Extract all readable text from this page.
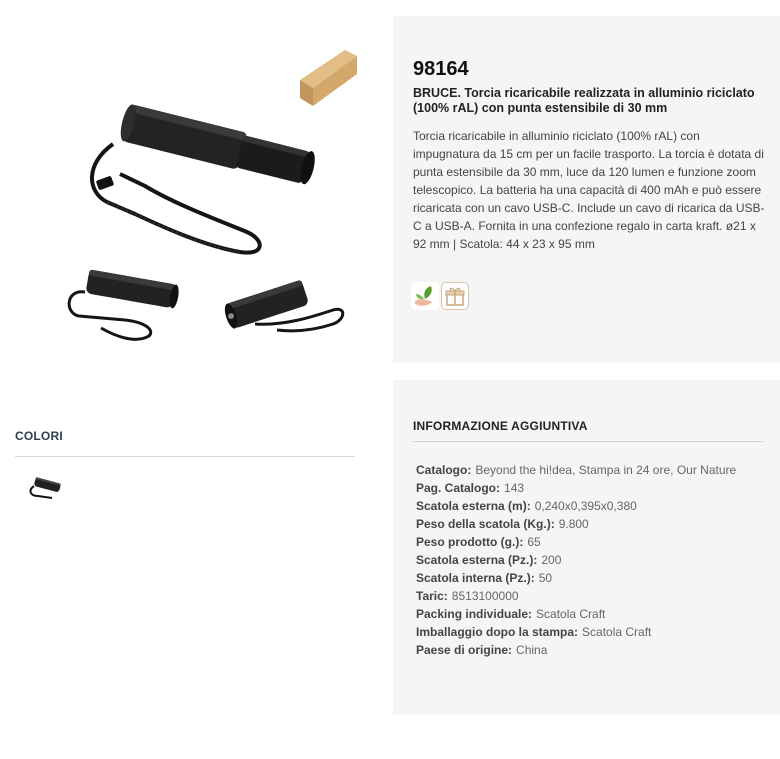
98164
BRUCE. Torcia ricaricabile realizzata in alluminio riciclato (100% rAL) con punta estensibile di 30 mm
Torcia ricaricabile in alluminio riciclato (100% rAL) con impugnatura da 15 cm per un facile trasporto. La torcia è dotata di punta estensibile da 30 mm, luce da 120 lumen e funzione zoom telescopico. La batteria ha una capacità di 400 mAh e può essere ricaricata con un cavo USB-C. Include un cavo di ricarica da USB-C a USB-A. Fornita in una confezione regalo in carta kraft. ø21 x 92 mm | Scatola: 44 x 23 x 95 mm
COLORI
INFORMAZIONE AGGIUNTIVA
Catalogo: Beyond the hi!dea, Stampa in 24 ore, Our Nature
Pag. Catalogo: 143
Scatola esterna (m): 0,240x0,395x0,380
Peso della scatola (Kg.): 9.800
Peso prodotto (g.): 65
Scatola esterna (Pz.): 200
Scatola interna (Pz.): 50
Taric: 8513100000
Packing individuale: Scatola Craft
Imballaggio dopo la stampa: Scatola Craft
Paese di origine: China
